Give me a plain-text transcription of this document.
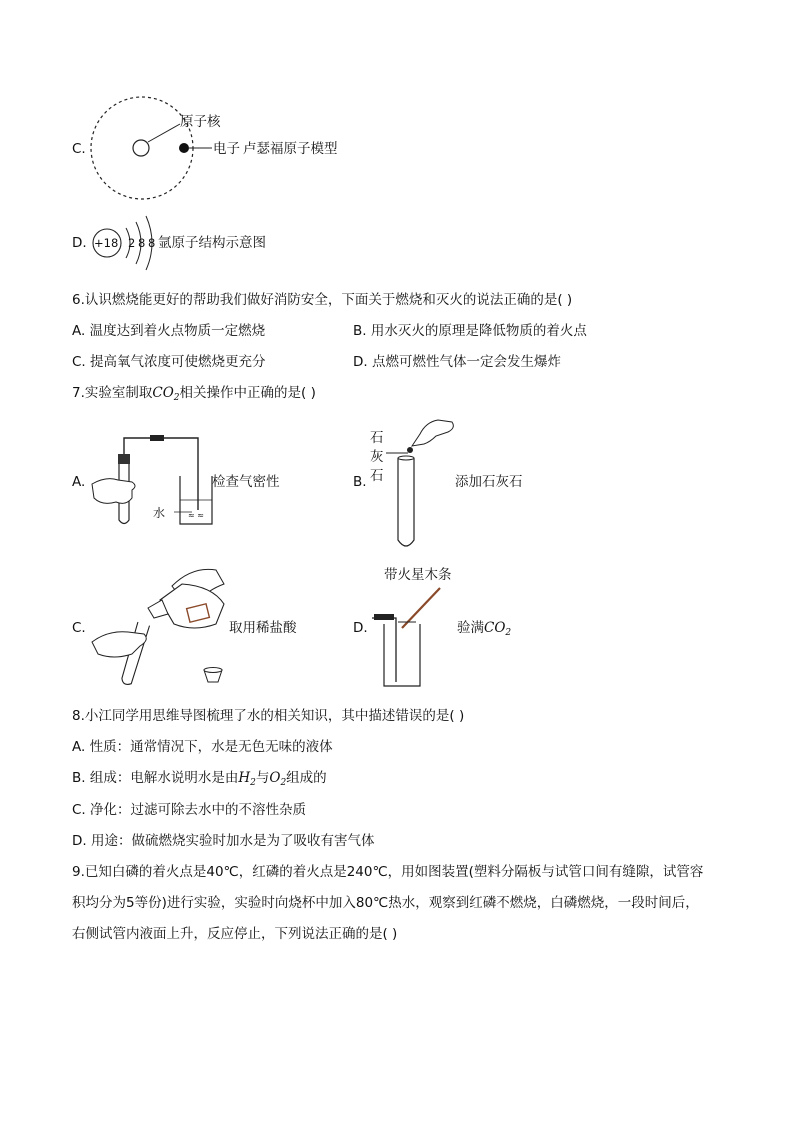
C.
原子核
电子 卢瑟福原子模型
D. +18 2 8 8 氩原子结构示意图
6.认识燃烧能更好的帮助我们做好消防安全，下面关于燃烧和灭火的说法正确的是( )
A. 温度达到着火点物质一定燃烧	B. 用水灭火的原理是降低物质的着火点
C. 提高氧气浓度可使燃烧更充分	D. 点燃可燃性气体一定会发生爆炸
7.实验室制取$CO_2$相关操作中正确的是( )
A.
≈ ≈
水
检查气密性	B.
石
灰
石	添加石灰石
C.	取用稀盐酸	D.
带火星木条
验满$CO_2$
8.小江同学用思维导图梳理了水的相关知识，其中描述错误的是( )
A. 性质：通常情况下，水是无色无味的液体
B. 组成：电解水说明水是由$H_2$与$O_2$组成的
C. 净化：过滤可除去水中的不溶性杂质
D. 用途：做硫燃烧实验时加水是为了吸收有害气体
9.已知白磷的着火点是40℃，红磷的着火点是240℃，用如图装置(塑料分隔板与试管口间有缝隙，试管容
积均分为5等份)进行实验，实验时向烧杯中加入80℃热水，观察到红磷不燃烧，白磷燃烧，一段时间后，
右侧试管内液面上升，反应停止，下列说法正确的是( )
